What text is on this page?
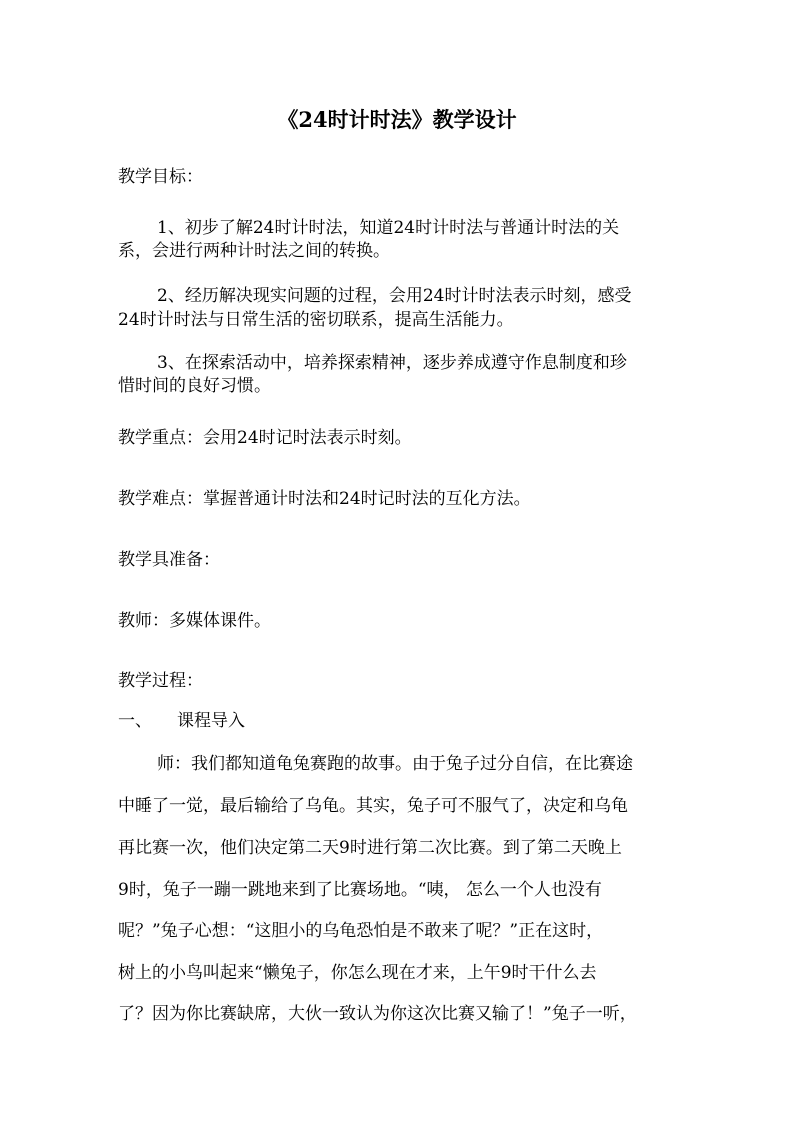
《24时计时法》教学设计
教学目标：
1、初步了解24时计时法，知道24时计时法与普通计时法的关
系，会进行两种计时法之间的转换。
2、经历解决现实问题的过程，会用24时计时法表示时刻，感受
24时计时法与日常生活的密切联系，提高生活能力。
3、在探索活动中，培养探索精神，逐步养成遵守作息制度和珍
惜时间的良好习惯。
教学重点：会用24时记时法表示时刻。
教学难点：掌握普通计时法和24时记时法的互化方法。
教学具准备：
教师：多媒体课件。
教学过程：
一、 课程导入
师：我们都知道龟兔赛跑的故事。由于兔子过分自信，在比赛途
中睡了一觉，最后输给了乌龟。其实，兔子可不服气了，决定和乌龟
再比赛一次，他们决定第二天9时进行第二次比赛。到了第二天晚上
9时，兔子一蹦一跳地来到了比赛场地。“咦， 怎么一个人也没有
呢？”兔子心想：“这胆小的乌龟恐怕是不敢来了呢？”正在这时，
树上的小鸟叫起来“懒兔子，你怎么现在才来，上午9时干什么去
了？因为你比赛缺席，大伙一致认为你这次比赛又输了！”兔子一听，
